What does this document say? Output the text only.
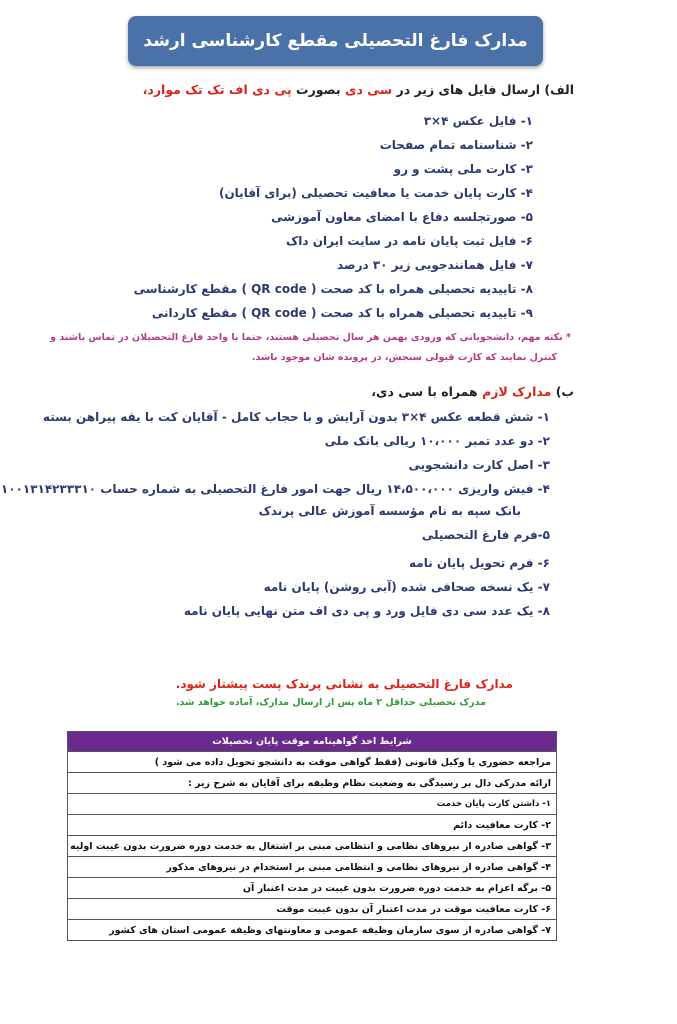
مدارک فارغ التحصیلی مقطع کارشناسی ارشد
الف) ارسال فایل های زیر در سی دی بصورت پی دی اف تک تک موارد،
۱- فایل عکس ۴×۳
۲- شناسنامه تمام صفحات
۳- کارت ملی پشت و رو
۴- کارت پایان خدمت یا معافیت تحصیلی (برای آقایان)
۵- صورتجلسه دفاع با امضای معاون آموزشی
۶- فایل ثبت پایان نامه در سایت ایران داک
۷- فایل همانندجویی زیر ۳۰ درصد
۸- تاییدیه تحصیلی همراه با کد صحت ( QR code ) مقطع کارشناسی
۹- تاییدیه تحصیلی همراه با کد صحت ( QR code ) مقطع کاردانی
* نکته مهم، دانشجویانی که ورودی بهمن هر سال تحصیلی هستند، حتما با واحد فارغ التحصیلان در تماس باشند و
کنترل نمایند که کارت قبولی سنجش، در پرونده شان موجود باشد.
ب) مدارک لازم همراه با سی دی،
۱- شش قطعه عکس ۴×۳ بدون آرایش و با حجاب کامل - آقایان کت با یقه پیراهن بسته
۲- دو عدد تمبر ۱۰،۰۰۰ ریالی بانک ملی
۳- اصل کارت دانشجویی
۴- فیش واریزی ۱۴،۵۰۰،۰۰۰ ریال جهت امور فارغ التحصیلی به شماره حساب ۱۰۰۱۳۱۴۲۳۳۳۱۰
بانک سپه به نام مؤسسه آموزش عالی پرندک
۵-فرم فارغ التحصیلی
۶- فرم تحویل پایان نامه
۷- یک نسخه صحافی شده (آبی روشن) پایان نامه
۸- یک عدد سی دی فایل ورد و پی دی اف متن نهایی پایان نامه
مدارک فارغ التحصیلی به نشانی پرندک پست پیشتاز شود.
مدرک تحصیلی حداقل ۲ ماه پس از ارسال مدارک، آماده خواهد شد.
شرایط اخذ گواهینامه موقت پایان تحصیلات
مراجعه حضوری یا وکیل قانونی (فقط گواهی موقت به دانشجو تحویل داده می شود )
ارائه مدرکی دال بر رسیدگی به وضعیت نظام وظیفه برای آقایان به شرح زیر :
۱- داشتن کارت پایان خدمت
۲- کارت معافیت دائم
۳- گواهی صادره از نیروهای نظامی و انتظامی مبنی بر اشتغال به خدمت دوره ضرورت بدون غیبت اولیه
۴- گواهی صادره از نیروهای نظامی و انتظامی مبنی بر استخدام در نیروهای مذکور
۵- برگه اعزام به خدمت دوره ضرورت بدون غیبت در مدت اعتبار آن
۶- کارت معافیت موقت در مدت اعتبار آن بدون غیبت موقت
۷- گواهی صادره از سوی سازمان وظیفه عمومی و معاونتهای وظیفه عمومی استان های کشور
